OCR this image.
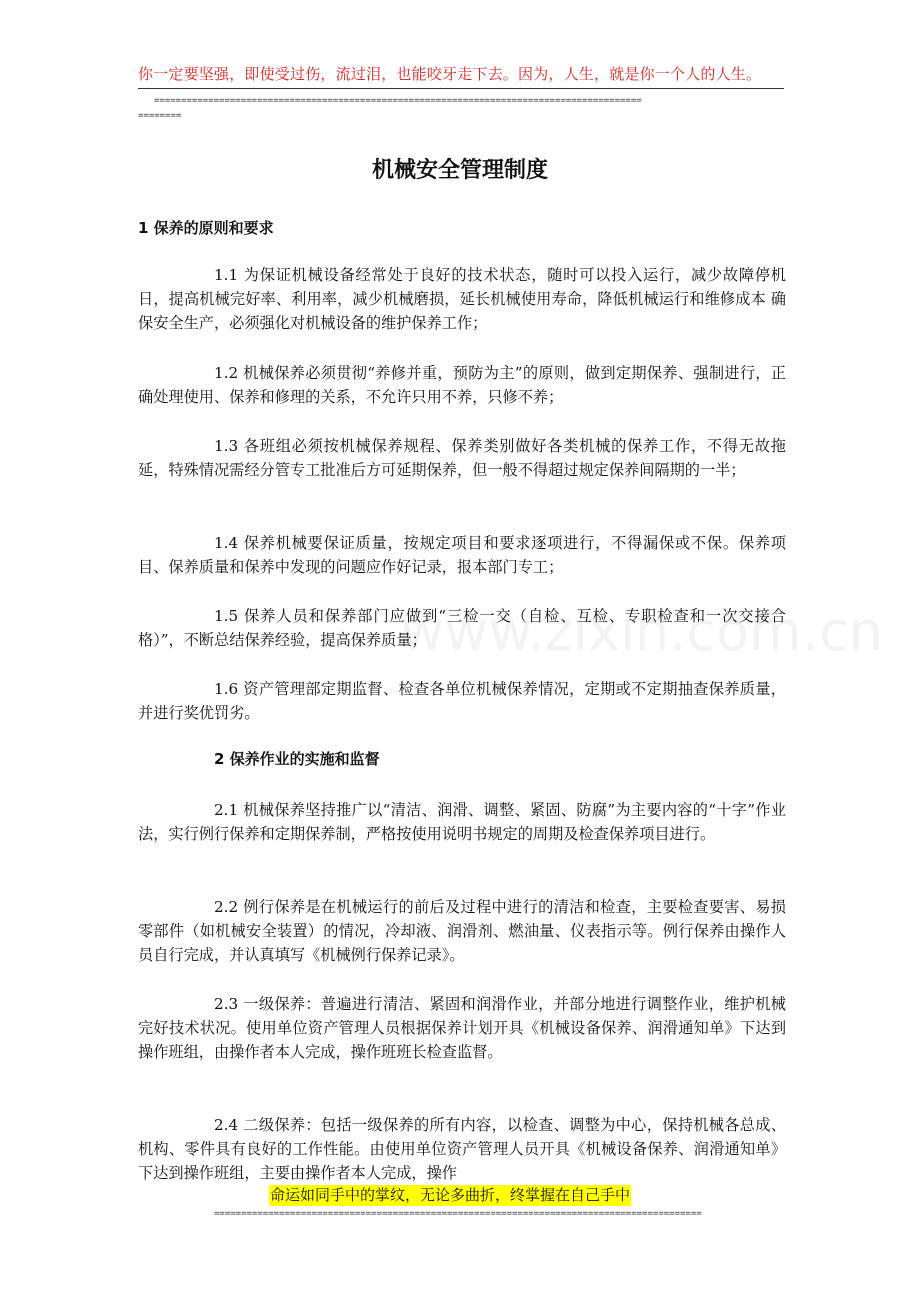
你一定要坚强，即使受过伤，流过泪，也能咬牙走下去。因为，人生，就是你一个人的人生。
==========================================================================================
========
机械安全管理制度
1 保养的原则和要求
1.1 为保证机械设备经常处于良好的技术状态，随时可以投入运行，减少故障停机日，提高机械完好率、利用率，减少机械磨损，延长机械使用寿命，降低机械运行和维修成本 确保安全生产，必须强化对机械设备的维护保养工作；
1.2 机械保养必须贯彻“养修并重，预防为主”的原则，做到定期保养、强制进行，正确处理使用、保养和修理的关系，不允许只用不养，只修不养；
1.3 各班组必须按机械保养规程、保养类别做好各类机械的保养工作，不得无故拖延，特殊情况需经分管专工批准后方可延期保养，但一般不得超过规定保养间隔期的一半；
1.4 保养机械要保证质量，按规定项目和要求逐项进行，不得漏保或不保。保养项目、保养质量和保养中发现的问题应作好记录，报本部门专工；
1.5 保养人员和保养部门应做到“三检一交（自检、互检、专职检查和一次交接合格）”，不断总结保养经验，提高保养质量；
1.6 资产管理部定期监督、检查各单位机械保养情况，定期或不定期抽查保养质量，并进行奖优罚劣。
2 保养作业的实施和监督
2.1 机械保养坚持推广以“清洁、润滑、调整、紧固、防腐”为主要内容的“十字”作业法，实行例行保养和定期保养制，严格按使用说明书规定的周期及检查保养项目进行。
2.2 例行保养是在机械运行的前后及过程中进行的清洁和检查，主要检查要害、易损零部件（如机械安全装置）的情况，冷却液、润滑剂、燃油量、仪表指示等。例行保养由操作人员自行完成，并认真填写《机械例行保养记录》。
2.3 一级保养：普遍进行清洁、紧固和润滑作业，并部分地进行调整作业，维护机械完好技术状况。使用单位资产管理人员根据保养计划开具《机械设备保养、润滑通知单》下达到操作班组，由操作者本人完成，操作班班长检查监督。
2.4 二级保养：包括一级保养的所有内容，以检查、调整为中心，保持机械各总成、机构、零件具有良好的工作性能。由使用单位资产管理人员开具《机械设备保养、润滑通知单》下达到操作班组，主要由操作者本人完成，操作
命运如同手中的掌纹，无论多曲折，终掌握在自己手中
==========================================================================================
